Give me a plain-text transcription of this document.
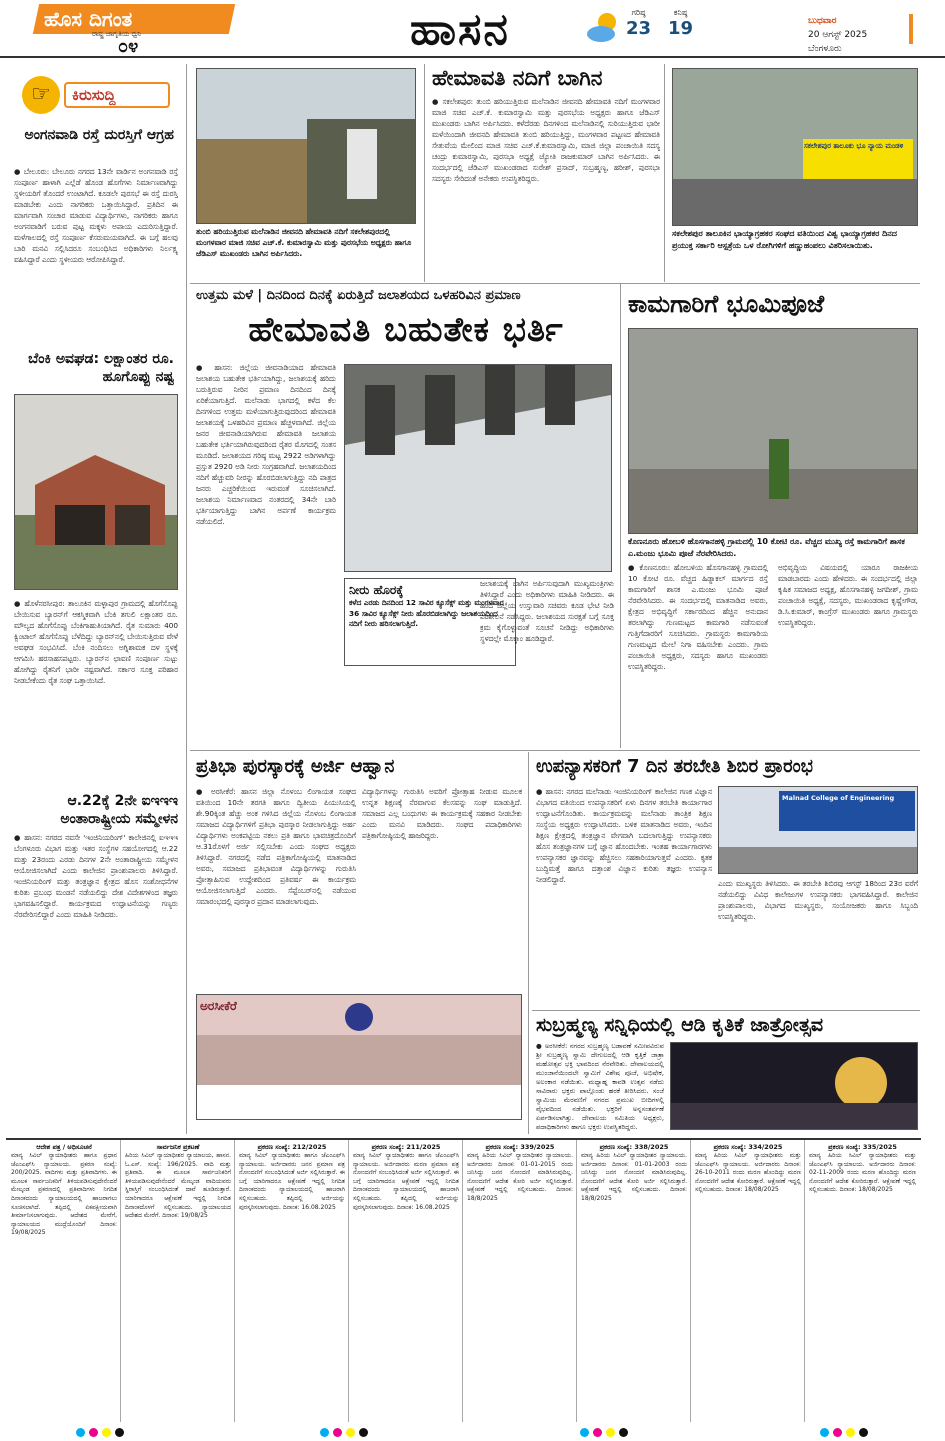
ಹೊಸ ದಿಗಂತ
ರಾಷ್ಟ್ರ ಜಾಗೃತಿಯ ಧ್ವನಿ
೦೪	ಹಾಸನ	ಗರಿಷ್ಠ
23
ಕನಿಷ್ಠ
19	ಬುಧವಾರ
20 ಆಗಸ್ಟ್ 2025
ಬೆಂಗಳೂರು
☞	ಕಿರುಸುದ್ದಿ
ಅಂಗನವಾಡಿ ರಸ್ತೆ ದುರಸ್ತಿಗೆ ಆಗ್ರಹ
● ಬೇಲೂರು: ಬೇಲೂರು ನಗರದ 13ನೇ ವಾರ್ಡಿನ ಅಂಗನವಾಡಿ ರಸ್ತೆ ಸಂಪೂರ್ಣ ಹಾಳಾಗಿ ಎಲ್ಲೆಡೆ ಹೊಂಡ ಹೊಗೆಗಳು ನಿರ್ಮಾಣವಾಗಿದ್ದು ಸ್ಥಳೀಯರಿಗೆ ತೊಂದರೆ ಉಂಟಾಗಿದೆ. ಕೂಡಲೇ ಪುರಸಭೆ ಈ ರಸ್ತೆ ದುರಸ್ತಿ ಮಾಡಬೇಕು ಎಂದು ನಾಗರಿಕರು ಒತ್ತಾಯಿಸಿದ್ದಾರೆ. ಪ್ರತಿದಿನ ಈ ಮಾರ್ಗವಾಗಿ ಸಂಚಾರ ಮಾಡುವ ವಿದ್ಯಾರ್ಥಿಗಳು, ನಾಗರಿಕರು ಹಾಗೂ ಅಂಗನವಾಡಿಗೆ ಬರುವ ಪುಟ್ಟ ಮಕ್ಕಳು ಅಪಾಯ ಎದುರಿಸುತ್ತಿದ್ದಾರೆ. ಮಳೆಗಾಲದಲ್ಲಿ ರಸ್ತೆ ಸಂಪೂರ್ಣ ಕೆಸರುಮಯವಾಗಿದೆ. ಈ ಬಗ್ಗೆ ಹಲವು ಬಾರಿ ಮನವಿ ಸಲ್ಲಿಸಿದರೂ ಸಂಬಂಧಿಸಿದ ಅಧಿಕಾರಿಗಳು ನಿರ್ಲಕ್ಷ್ಯ ವಹಿಸಿದ್ದಾರೆ ಎಂದು ಸ್ಥಳೀಯರು ಆರೋಪಿಸಿದ್ದಾರೆ.
ಬೆಂಕಿ ಅವಘಡ: ಲಕ್ಷಾಂತರ ರೂ. ಹೂಗೊಪ್ಪು ನಷ್ಟ
● ಹೊಳೆನರಸೀಪುರ: ತಾಲೂಕಿನ ಮಳ್ಳಾಪುರ ಗ್ರಾಮದಲ್ಲಿ ಹೊಗೆಸೊಪ್ಪು ಬೇಯಿಸುವ ಬ್ಯಾರನ್‌ಗೆ ಆಕಸ್ಮಿಕವಾಗಿ ಬೆಂಕಿ ತಗುಲಿ ಲಕ್ಷಾಂತರ ರೂ. ಮೌಲ್ಯದ ಹೊಗೆಸೊಪ್ಪು ಬೆಂಕಿಗಾಹುತಿಯಾಗಿದೆ. ರೈತ ಸುಮಾರು 400 ಕ್ವಿಂಟಾಲ್ ಹೊಗೆಸೊಪ್ಪು ಬೆಳೆದಿದ್ದು ಬ್ಯಾರನ್‌ನಲ್ಲಿ ಬೇಯಿಸುತ್ತಿರುವ ವೇಳೆ ಅವಘಡ ಸಂಭವಿಸಿದೆ. ಬೆಂಕಿ ನಂದಿಸಲು ಅಗ್ನಿಶಾಮಕ ದಳ ಸ್ಥಳಕ್ಕೆ ಆಗಮಿಸಿ ಹರಸಾಹಸಪಟ್ಟರು. ಬ್ಯಾರನ್‌ನ ಛಾವಣಿ ಸಂಪೂರ್ಣ ಸುಟ್ಟು ಹೋಗಿದ್ದು ರೈತನಿಗೆ ಭಾರೀ ನಷ್ಟವಾಗಿದೆ. ಸರ್ಕಾರ ಸೂಕ್ತ ಪರಿಹಾರ ನೀಡಬೇಕೆಂದು ರೈತ ಸಂಘ ಒತ್ತಾಯಿಸಿದೆ.
ಆ.22ಕ್ಕೆ 2ನೇ ಐಇಇಇ ಅಂತಾರಾಷ್ಟ್ರೀಯ ಸಮ್ಮೇಳನ
● ಹಾಸನ: ನಗರದ ನವಸೇ 'ಇಂಜಿನಿಯರಿಂಗ್' ಕಾಲೇಜಿನಲ್ಲಿ ಐಇಇಇ ಬೆಂಗಳೂರು ವಿಭಾಗ ಮತ್ತು ಇತರ ಸಂಸ್ಥೆಗಳ ಸಹಯೋಗದಲ್ಲಿ ಆ.22 ಮತ್ತು 23ರಂದು ಎರಡು ದಿನಗಳ 2ನೇ ಅಂತಾರಾಷ್ಟ್ರೀಯ ಸಮ್ಮೇಳನ ಆಯೋಜಿಸಲಾಗಿದೆ ಎಂದು ಕಾಲೇಜಿನ ಪ್ರಾಂಶುಪಾಲರು ತಿಳಿಸಿದ್ದಾರೆ. ಇಂಜಿನಿಯರಿಂಗ್ ಮತ್ತು ತಂತ್ರಜ್ಞಾನ ಕ್ಷೇತ್ರದ ಹೊಸ ಸಂಶೋಧನೆಗಳ ಕುರಿತು ಪ್ರಬಂಧ ಮಂಡನೆ ನಡೆಯಲಿದ್ದು ದೇಶ ವಿದೇಶಗಳಿಂದ ತಜ್ಞರು ಭಾಗವಹಿಸಲಿದ್ದಾರೆ. ಕಾರ್ಯಕ್ರಮದ ಉದ್ಘಾಟನೆಯನ್ನು ಗಣ್ಯರು ನೆರವೇರಿಸಲಿದ್ದಾರೆ ಎಂದು ಮಾಹಿತಿ ನೀಡಿದರು.
ತುಂಬಿ ಹರಿಯುತ್ತಿರುವ ಮಲೆನಾಡಿನ ಜೀವನದಿ ಹೇಮಾವತಿ ನದಿಗೆ ಸಕಲೇಶಪುರದಲ್ಲಿ ಮಂಗಳವಾರ ಮಾಜಿ ಸಚಿವ ಎಚ್.ಕೆ. ಕುಮಾರಸ್ವಾಮಿ ಮತ್ತು ಪುರಸಭೆಯ ಅಧ್ಯಕ್ಷರು ಹಾಗೂ ಜೆಡಿಎಸ್ ಮುಖಂಡರು ಬಾಗಿನ ಅರ್ಪಿಸಿದರು.
ಹೇಮಾವತಿ ನದಿಗೆ ಬಾಗಿನ
● ಸಕಲೇಶಪುರ: ತುಂಬಿ ಹರಿಯುತ್ತಿರುವ ಮಲೆನಾಡಿನ ಜೀವನದಿ ಹೇಮಾವತಿ ನದಿಗೆ ಮಂಗಳವಾರ ಮಾಜಿ ಸಚಿವ ಎಚ್.ಕೆ. ಕುಮಾರಸ್ವಾಮಿ ಮತ್ತು ಪುರಸಭೆಯ ಅಧ್ಯಕ್ಷರು ಹಾಗೂ ಜೆಡಿಎಸ್ ಮುಖಂಡರು ಬಾಗಿನ ಅರ್ಪಿಸಿದರು. ಕಳೆದೆರಡು ದಿನಗಳಿಂದ ಮಲೆನಾಡಿನಲ್ಲಿ ಸುರಿಯುತ್ತಿರುವ ಭಾರೀ ಮಳೆಯಿಂದಾಗಿ ಜೀವನದಿ ಹೇಮಾವತಿ ತುಂಬಿ ಹರಿಯುತ್ತಿದ್ದು, ಮಂಗಳವಾರ ಪಟ್ಟಣದ ಹೇಮಾವತಿ ಸೇತುವೆಯ ಮೇಲಿಂದ ಮಾಜಿ ಸಚಿವ ಎಚ್.ಕೆ.ಕುಮಾರಸ್ವಾಮಿ, ಮಾಜಿ ಜಿಲ್ಲಾ ಪಂಚಾಯಿತಿ ಸದಸ್ಯ ಚಂದ್ರು ಕುಮಾರಸ್ವಾಮಿ, ಪುರಸಭಾ ಅಧ್ಯಕ್ಷೆ ಜ್ಯೋತಿ ರಾಜಕುಮಾರ್ ಬಾಗಿನ ಅರ್ಪಿಸಿದರು. ಈ ಸಂದರ್ಭದಲ್ಲಿ ಜೆಡಿಎಸ್ ಮುಖಂಡರಾದ ಸುರೇಶ್ ಪ್ರಸಾದ್, ಸುಬ್ರಹ್ಮಣ್ಯ, ಹರೀಶ್, ಪುರಸಭಾ ಸದಸ್ಯರು ಸೇರಿದಂತೆ ಅನೇಕರು ಉಪಸ್ಥಿತರಿದ್ದರು.
ಸಕಲೇಶಪುರ ತಾಲೂಕು ಭೂ ನ್ಯಾಯ ಮಂಡಳಿ
ಸಕಲೇಶಪುರ ತಾಲೂಕಿನ ಭಾಯ್ಯಾಗ್ರಹಕರ ಸಂಘದ ವತಿಯಿಂದ ವಿಶ್ವ ಭಾಯ್ಯಾಗ್ರಹಕರ ದಿನದ ಪ್ರಯುಕ್ತ ಸರ್ಕಾರಿ ಆಸ್ಪತ್ರೆಯ ಒಳ ರೋಗಿಗಳಿಗೆ ಹಣ್ಣುಹಂಪಲು ವಿತರಿಸಲಾಯಿತು.
ಉತ್ತಮ ಮಳೆ | ದಿನದಿಂದ ದಿನಕ್ಕೆ ಏರುತ್ತಿದೆ ಜಲಾಶಯದ ಒಳಹರಿವಿನ ಪ್ರಮಾಣ
ಹೇಮಾವತಿ ಬಹುತೇಕ ಭರ್ತಿ
● ಹಾಸನ: ಜಿಲ್ಲೆಯ ಜೀವನಾಡಿಯಾದ ಹೇಮಾವತಿ ಜಲಾಶಯ ಬಹುತೇಕ ಭರ್ತಿಯಾಗಿದ್ದು, ಜಲಾಶಯಕ್ಕೆ ಹರಿದು ಬರುತ್ತಿರುವ ನೀರಿನ ಪ್ರಮಾಣ ದಿನದಿಂದ ದಿನಕ್ಕೆ ಏರಿಕೆಯಾಗುತ್ತಿದೆ. ಮಲೆನಾಡು ಭಾಗದಲ್ಲಿ ಕಳೆದ ಕೆಲ ದಿನಗಳಿಂದ ಉತ್ತಮ ಮಳೆಯಾಗುತ್ತಿರುವುದರಿಂದ ಹೇಮಾವತಿ ಜಲಾಶಯಕ್ಕೆ ಒಳಹರಿವಿನ ಪ್ರಮಾಣ ಹೆಚ್ಚಳವಾಗಿದೆ. ಜಿಲ್ಲೆಯ ಜನರ ಜೀವನಾಡಿಯಾಗಿರುವ ಹೇಮಾವತಿ ಜಲಾಶಯ ಬಹುತೇಕ ಭರ್ತಿಯಾಗಿರುವುದರಿಂದ ರೈತರ ಮೊಗದಲ್ಲಿ ಸಂತಸ ಮೂಡಿದೆ. ಜಲಾಶಯದ ಗರಿಷ್ಠ ಮಟ್ಟ 2922 ಅಡಿಗಳಾಗಿದ್ದು ಪ್ರಸ್ತುತ 2920 ಅಡಿ ನೀರು ಸಂಗ್ರಹವಾಗಿದೆ. ಜಲಾಶಯದಿಂದ ನದಿಗೆ ಹೆಚ್ಚುವರಿ ನೀರನ್ನು ಹೊರಬಿಡಲಾಗುತ್ತಿದ್ದು ನದಿ ಪಾತ್ರದ ಜನರು ಎಚ್ಚರಿಕೆಯಿಂದ ಇರುವಂತೆ ಸೂಚಿಸಲಾಗಿದೆ. ಜಲಾಶಯ ನಿರ್ಮಾಣವಾದ ನಂತರದಲ್ಲಿ 34ನೇ ಬಾರಿ ಭರ್ತಿಯಾಗುತ್ತಿದ್ದು ಬಾಗಿನ ಅರ್ಪಣೆ ಕಾರ್ಯಕ್ರಮ ನಡೆಯಲಿದೆ.
ನೀರು ಹೊರಕ್ಕೆ
ಕಳೆದ ಎರಡು ದಿನದಿಂದ 12 ಸಾವಿರ ಕ್ಯೂಸೆಕ್ಸ್ ಮತ್ತು ಮಂಗಳವಾರ 36 ಸಾವಿರ ಕ್ಯೂಸೆಕ್ಸ್ ನೀರು ಹೊರಬಿಡಲಾಗಿದ್ದು ಜಲಾಶಯದಿಂದ ನದಿಗೆ ನೀರು ಹರಿಸಲಾಗುತ್ತಿದೆ.
ಜಲಾಶಯಕ್ಕೆ ಬಾಗಿನ ಅರ್ಪಿಸುವುದಾಗಿ ಮುಖ್ಯಮಂತ್ರಿಗಳು ತಿಳಿಸಿದ್ದಾರೆ ಎಂದು ಅಧಿಕಾರಿಗಳು ಮಾಹಿತಿ ನೀಡಿದರು. ಈ ಹಿಂದೆ ಜಿಲ್ಲೆಯ ಉಸ್ತುವಾರಿ ಸಚಿವರು ಕೂಡ ಭೇಟಿ ನೀಡಿ ಪರಿಶೀಲನೆ ನಡೆಸಿದ್ದರು. ಜಲಾಶಯದ ಸುರಕ್ಷತೆ ಬಗ್ಗೆ ಸೂಕ್ತ ಕ್ರಮ ಕೈಗೊಳ್ಳುವಂತೆ ಸೂಚನೆ ನೀಡಿದ್ದು ಅಧಿಕಾರಿಗಳು ಸ್ಥಳದಲ್ಲೇ ಮೊಕ್ಕಾಂ ಹೂಡಿದ್ದಾರೆ.
ಕಾಮಗಾರಿಗೆ ಭೂಮಿಪೂಜೆ
ಕೊಣನೂರು ಹೋಬಳಿ ಹೊಸಗಾನಹಳ್ಳಿ ಗ್ರಾಮದಲ್ಲಿ 10 ಕೋಟಿ ರೂ. ವೆಚ್ಚದ ಮುಖ್ಯ ರಸ್ತೆ ಕಾಮಗಾರಿಗೆ ಶಾಸಕ ಎ.ಮಂಜು ಭೂಮಿ ಪೂಜೆ ನೆರವೇರಿಸಿದರು.
● ಕೊಣನೂರು: ಹೋಬಳಿಯ ಹೊಸಗಾನಹಳ್ಳಿ ಗ್ರಾಮದಲ್ಲಿ 10 ಕೋಟಿ ರೂ. ವೆಚ್ಚದ ಹಿಡ್ನಾಕಲ್ ಮಾರ್ಗದ ರಸ್ತೆ ಕಾಮಗಾರಿಗೆ ಶಾಸಕ ಎ.ಮಂಜು ಭೂಮಿ ಪೂಜೆ ನೆರವೇರಿಸಿದರು. ಈ ಸಂದರ್ಭದಲ್ಲಿ ಮಾತನಾಡಿದ ಅವರು, ಕ್ಷೇತ್ರದ ಅಭಿವೃದ್ಧಿಗೆ ಸರ್ಕಾರದಿಂದ ಹೆಚ್ಚಿನ ಅನುದಾನ ತರಲಾಗಿದ್ದು ಗುಣಮಟ್ಟದ ಕಾಮಗಾರಿ ನಡೆಸುವಂತೆ ಗುತ್ತಿಗೆದಾರರಿಗೆ ಸೂಚಿಸಿದರು. ಗ್ರಾಮಸ್ಥರು ಕಾಮಗಾರಿಯ ಗುಣಮಟ್ಟದ ಮೇಲೆ ನಿಗಾ ವಹಿಸಬೇಕು ಎಂದರು. ಗ್ರಾಮ ಪಂಚಾಯಿತಿ ಅಧ್ಯಕ್ಷರು, ಸದಸ್ಯರು ಹಾಗೂ ಮುಖಂಡರು ಉಪಸ್ಥಿತರಿದ್ದರು.
ಅಭಿವೃದ್ಧಿಯ ವಿಷಯದಲ್ಲಿ ಯಾರೂ ರಾಜಕೀಯ ಮಾಡಬಾರದು ಎಂದು ಹೇಳಿದರು. ಈ ಸಂದರ್ಭದಲ್ಲಿ ಜಿಲ್ಲಾ ಕೃಷಿಕ ಸಮಾಜದ ಅಧ್ಯಕ್ಷ, ಹೊಸಗಾನಹಳ್ಳಿ ಜಗದೀಶ್, ಗ್ರಾಮ ಪಂಚಾಯಿತಿ ಅಧ್ಯಕ್ಷೆ, ಸದಸ್ಯರು, ಮುಖಂಡರಾದ ಕೃಷ್ಣೇಗೌಡ, ಡಿ.ಸಿ.ಕುಮಾರ್, ಕಾಂಗ್ರೆಸ್ ಮುಖಂಡರು ಹಾಗೂ ಗ್ರಾಮಸ್ಥರು ಉಪಸ್ಥಿತರಿದ್ದರು.
ಪ್ರತಿಭಾ ಪುರಸ್ಕಾರಕ್ಕೆ ಅರ್ಜಿ ಆಹ್ವಾನ
● ಅರಸೀಕೆರೆ: ಹಾಸನ ಜಿಲ್ಲಾ ನೊಳಂಬ ಲಿಂಗಾಯತ ಸಂಘದ ವತಿಯಿಂದ 10ನೇ ತರಗತಿ ಹಾಗೂ ದ್ವಿತೀಯ ಪಿಯುಸಿಯಲ್ಲಿ ಶೇ.90ಕ್ಕಿಂತ ಹೆಚ್ಚು ಅಂಕ ಗಳಿಸಿದ ಜಿಲ್ಲೆಯ ನೊಳಂಬ ಲಿಂಗಾಯತ ಸಮಾಜದ ವಿದ್ಯಾರ್ಥಿಗಳಿಗೆ ಪ್ರತಿಭಾ ಪುರಸ್ಕಾರ ನೀಡಲಾಗುತ್ತಿದ್ದು ಅರ್ಹ ವಿದ್ಯಾರ್ಥಿಗಳು ಅಂಕಪಟ್ಟಿಯ ನಕಲು ಪ್ರತಿ ಹಾಗೂ ಭಾವಚಿತ್ರದೊಂದಿಗೆ ಆ.31ರೊಳಗೆ ಅರ್ಜಿ ಸಲ್ಲಿಸಬೇಕು ಎಂದು ಸಂಘದ ಅಧ್ಯಕ್ಷರು ತಿಳಿಸಿದ್ದಾರೆ. ನಗರದಲ್ಲಿ ನಡೆದ ಪತ್ರಿಕಾಗೋಷ್ಠಿಯಲ್ಲಿ ಮಾತನಾಡಿದ ಅವರು, ಸಮಾಜದ ಪ್ರತಿಭಾವಂತ ವಿದ್ಯಾರ್ಥಿಗಳನ್ನು ಗುರುತಿಸಿ ಪ್ರೋತ್ಸಾಹಿಸುವ ಉದ್ದೇಶದಿಂದ ಪ್ರತಿವರ್ಷ ಈ ಕಾರ್ಯಕ್ರಮ ಆಯೋಜಿಸಲಾಗುತ್ತಿದೆ ಎಂದರು. ಸೆಪ್ಟೆಂಬರ್‌ನಲ್ಲಿ ನಡೆಯುವ ಸಮಾರಂಭದಲ್ಲಿ ಪುರಸ್ಕಾರ ಪ್ರದಾನ ಮಾಡಲಾಗುವುದು.
ವಿದ್ಯಾರ್ಥಿಗಳನ್ನು ಗುರುತಿಸಿ ಅವರಿಗೆ ಪ್ರೋತ್ಸಾಹ ನೀಡುವ ಮೂಲಕ ಉನ್ನತ ಶಿಕ್ಷಣಕ್ಕೆ ನೆರವಾಗುವ ಕೆಲಸವನ್ನು ಸಂಘ ಮಾಡುತ್ತಿದೆ. ಸಮಾಜದ ಎಲ್ಲ ಬಂಧುಗಳು ಈ ಕಾರ್ಯಕ್ರಮಕ್ಕೆ ಸಹಕಾರ ನೀಡಬೇಕು ಎಂದು ಮನವಿ ಮಾಡಿದರು. ಸಂಘದ ಪದಾಧಿಕಾರಿಗಳು ಪತ್ರಿಕಾಗೋಷ್ಠಿಯಲ್ಲಿ ಹಾಜರಿದ್ದರು.
ಅರಸೀಕೆರೆ
ಉಪನ್ಯಾಸಕರಿಗೆ 7 ದಿನ ತರಬೇತಿ ಶಿಬಿರ ಪ್ರಾರಂಭ
● ಹಾಸನ: ನಗರದ ಮಲೆನಾಡು ಇಂಜಿನಿಯರಿಂಗ್ ಕಾಲೇಜಿನ ಗಣಕ ವಿಜ್ಞಾನ ವಿಭಾಗದ ವತಿಯಿಂದ ಉಪನ್ಯಾಸಕರಿಗೆ ಏಳು ದಿನಗಳ ತರಬೇತಿ ಕಾರ್ಯಾಗಾರ ಉದ್ಘಾಟನೆಗೊಂಡಿತು. ಕಾರ್ಯಕ್ರಮವನ್ನು ಮಲೆನಾಡು ತಾಂತ್ರಿಕ ಶಿಕ್ಷಣ ಸಂಸ್ಥೆಯ ಅಧ್ಯಕ್ಷರು ಉದ್ಘಾಟಿಸಿದರು. ಬಳಿಕ ಮಾತನಾಡಿದ ಅವರು, ಇಂದಿನ ಶಿಕ್ಷಣ ಕ್ಷೇತ್ರದಲ್ಲಿ ತಂತ್ರಜ್ಞಾನ ವೇಗವಾಗಿ ಬದಲಾಗುತ್ತಿದ್ದು ಉಪನ್ಯಾಸಕರು ಹೊಸ ತಂತ್ರಜ್ಞಾನಗಳ ಬಗ್ಗೆ ಜ್ಞಾನ ಹೊಂದಬೇಕು. ಇಂತಹ ಕಾರ್ಯಾಗಾರಗಳು ಉಪನ್ಯಾಸಕರ ಜ್ಞಾನವನ್ನು ಹೆಚ್ಚಿಸಲು ಸಹಕಾರಿಯಾಗುತ್ತವೆ ಎಂದರು. ಕೃತಕ ಬುದ್ಧಿಮತ್ತೆ ಹಾಗೂ ದತ್ತಾಂಶ ವಿಜ್ಞಾನ ಕುರಿತು ತಜ್ಞರು ಉಪನ್ಯಾಸ ನೀಡಲಿದ್ದಾರೆ.
Malnad College of Engineering
ಎಂದು ಮುಖ್ಯಸ್ಥರು ತಿಳಿಸಿದರು. ಈ ತರಬೇತಿ ಶಿಬಿರವು ಆಗಸ್ಟ್ 18ರಿಂದ 23ರ ವರೆಗೆ ನಡೆಯಲಿದ್ದು ವಿವಿಧ ಕಾಲೇಜುಗಳ ಉಪನ್ಯಾಸಕರು ಭಾಗವಹಿಸಿದ್ದಾರೆ. ಕಾಲೇಜಿನ ಪ್ರಾಂಶುಪಾಲರು, ವಿಭಾಗದ ಮುಖ್ಯಸ್ಥರು, ಸಂಯೋಜಕರು ಹಾಗೂ ಸಿಬ್ಬಂದಿ ಉಪಸ್ಥಿತರಿದ್ದರು.
ಸುಬ್ರಹ್ಮಣ್ಯ ಸನ್ನಿಧಿಯಲ್ಲಿ ಆಡಿ ಕೃತಿಕೆ ಜಾತ್ರೋತ್ಸವ
● ಅರಸೀಕೆರೆ: ನಗರದ ಸುಬ್ರಹ್ಮಣ್ಯ ಬಡಾವಣೆ ಸಮೀಪವಿರುವ ಶ್ರೀ ಸುಬ್ರಹ್ಮಣ್ಯ ಸ್ವಾಮಿ ದೇಗುಲದಲ್ಲಿ ಆಡಿ ಕೃತ್ತಿಕೆ ಜಾತ್ರಾ ಮಹೋತ್ಸವ ಭಕ್ತಿ ಭಾವದಿಂದ ನೆರವೇರಿತು. ದೇವಾಲಯದಲ್ಲಿ ಮುಂಜಾನೆಯಿಂದಲೇ ಸ್ವಾಮಿಗೆ ವಿಶೇಷ ಪೂಜೆ, ಅಭಿಷೇಕ, ಅಲಂಕಾರ ನಡೆಯಿತು. ಮಧ್ಯಾಹ್ನ ಕಾವಡಿ ಉತ್ಸವ ನಡೆದು ಸಾವಿರಾರು ಭಕ್ತರು ಪಾಲ್ಗೊಂಡು ಹರಕೆ ತೀರಿಸಿದರು. ಸಂಜೆ ಸ್ವಾಮಿಯ ಮೆರವಣಿಗೆ ನಗರದ ಪ್ರಮುಖ ಬೀದಿಗಳಲ್ಲಿ ವೈಭವದಿಂದ ನಡೆಯಿತು. ಭಕ್ತರಿಗೆ ಅನ್ನಸಂತರ್ಪಣೆ ಏರ್ಪಡಿಸಲಾಗಿತ್ತು. ದೇವಾಲಯ ಸಮಿತಿಯ ಅಧ್ಯಕ್ಷರು, ಪದಾಧಿಕಾರಿಗಳು ಹಾಗೂ ಭಕ್ತರು ಉಪಸ್ಥಿತರಿದ್ದರು.
ಆದೇಶ ಪತ್ರ / ಅಧಿಸೂಚನೆ
ಮಾನ್ಯ ಸಿವಿಲ್ ನ್ಯಾಯಾಧೀಶರು ಹಾಗೂ ಪ್ರಧಾನ ಜೆಎಂಎಫ್‌ಸಿ ನ್ಯಾಯಾಲಯ. ಪ್ರಕರಣ ಸಂಖ್ಯೆ: 200/2025. ವಾದಿಗಳು ಮತ್ತು ಪ್ರತಿವಾದಿಗಳು. ಈ ಮೂಲಕ ಸಾರ್ವಜನಿಕರಿಗೆ ತಿಳಿಯಪಡಿಸುವುದೇನೆಂದರೆ ಮೇಲ್ಕಂಡ ಪ್ರಕರಣದಲ್ಲಿ ಪ್ರತಿವಾದಿಗಳು ನಿಗದಿತ ದಿನಾಂಕದಂದು ನ್ಯಾಯಾಲಯದಲ್ಲಿ ಹಾಜರಾಗಲು ಸೂಚಿಸಲಾಗಿದೆ. ತಪ್ಪಿದಲ್ಲಿ ಏಕಪಕ್ಷೀಯವಾಗಿ ತೀರ್ಮಾನಿಸಲಾಗುವುದು. ಆದೇಶದ ಮೇರೆಗೆ, ನ್ಯಾಯಾಲಯದ ಮುದ್ರೆಯೊಂದಿಗೆ ದಿನಾಂಕ: 19/08/2025
ಸಾರ್ವಜನಿಕ ಪ್ರಕಟಣೆ
ಹಿರಿಯ ಸಿವಿಲ್ ನ್ಯಾಯಾಧೀಶರ ನ್ಯಾಯಾಲಯ, ಹಾಸನ. ಓ.ಎಸ್. ಸಂಖ್ಯೆ: 196/2025. ವಾದಿ ಮತ್ತು ಪ್ರತಿವಾದಿ. ಈ ಮೂಲಕ ಸಾರ್ವಜನಿಕರಿಗೆ ತಿಳಿಯಪಡಿಸುವುದೇನೆಂದರೆ ಮೇಲ್ಕಂಡ ವಾದಿಯವರು ಸ್ಥಿರಾಸ್ತಿಗೆ ಸಂಬಂಧಿಸಿದಂತೆ ದಾವೆ ಹೂಡಿರುತ್ತಾರೆ. ಯಾರಿಗಾದರೂ ಆಕ್ಷೇಪಣೆ ಇದ್ದಲ್ಲಿ ನಿಗದಿತ ದಿನಾಂಕದೊಳಗೆ ಸಲ್ಲಿಸಬಹುದು. ನ್ಯಾಯಾಲಯದ ಆದೇಶದ ಮೇರೆಗೆ. ದಿನಾಂಕ: 19/08/25
ಪ್ರಕರಣ ಸಂಖ್ಯೆ: 212/2025
ಮಾನ್ಯ ಸಿವಿಲ್ ನ್ಯಾಯಾಧೀಶರು ಹಾಗೂ ಜೆಎಂಎಫ್‌ಸಿ ನ್ಯಾಯಾಲಯ. ಅರ್ಜಿದಾರರು ಜನನ ಪ್ರಮಾಣ ಪತ್ರ ನೋಂದಣಿಗೆ ಸಂಬಂಧಿಸಿದಂತೆ ಅರ್ಜಿ ಸಲ್ಲಿಸಿರುತ್ತಾರೆ. ಈ ಬಗ್ಗೆ ಯಾರಿಗಾದರೂ ಆಕ್ಷೇಪಣೆ ಇದ್ದಲ್ಲಿ ನಿಗದಿತ ದಿನಾಂಕದಂದು ನ್ಯಾಯಾಲಯದಲ್ಲಿ ಹಾಜರಾಗಿ ಸಲ್ಲಿಸಬಹುದು. ತಪ್ಪಿದಲ್ಲಿ ಅರ್ಜಿಯನ್ನು ಪುರಸ್ಕರಿಸಲಾಗುವುದು. ದಿನಾಂಕ: 16.08.2025
ಪ್ರಕರಣ ಸಂಖ್ಯೆ: 211/2025
ಮಾನ್ಯ ಸಿವಿಲ್ ನ್ಯಾಯಾಧೀಶರು ಹಾಗೂ ಜೆಎಂಎಫ್‌ಸಿ ನ್ಯಾಯಾಲಯ. ಅರ್ಜಿದಾರರು ಮರಣ ಪ್ರಮಾಣ ಪತ್ರ ನೋಂದಣಿಗೆ ಸಂಬಂಧಿಸಿದಂತೆ ಅರ್ಜಿ ಸಲ್ಲಿಸಿರುತ್ತಾರೆ. ಈ ಬಗ್ಗೆ ಯಾರಿಗಾದರೂ ಆಕ್ಷೇಪಣೆ ಇದ್ದಲ್ಲಿ ನಿಗದಿತ ದಿನಾಂಕದಂದು ನ್ಯಾಯಾಲಯದಲ್ಲಿ ಹಾಜರಾಗಿ ಸಲ್ಲಿಸಬಹುದು. ತಪ್ಪಿದಲ್ಲಿ ಅರ್ಜಿಯನ್ನು ಪುರಸ್ಕರಿಸಲಾಗುವುದು. ದಿನಾಂಕ: 16.08.2025
ಪ್ರಕರಣ ಸಂಖ್ಯೆ: 339/2025
ಮಾನ್ಯ ಹಿರಿಯ ಸಿವಿಲ್ ನ್ಯಾಯಾಧೀಶರ ನ್ಯಾಯಾಲಯ. ಅರ್ಜಿದಾರರು ದಿನಾಂಕ: 01-01-2015 ರಂದು ಜನಿಸಿದ್ದು ಜನನ ನೋಂದಣಿ ಮಾಡಿಸಿರುವುದಿಲ್ಲ. ನೋಂದಣಿಗೆ ಆದೇಶ ಕೋರಿ ಅರ್ಜಿ ಸಲ್ಲಿಸಿರುತ್ತಾರೆ. ಆಕ್ಷೇಪಣೆ ಇದ್ದಲ್ಲಿ ಸಲ್ಲಿಸಬಹುದು. ದಿನಾಂಕ: 18/8/2025
ಪ್ರಕರಣ ಸಂಖ್ಯೆ: 338/2025
ಮಾನ್ಯ ಹಿರಿಯ ಸಿವಿಲ್ ನ್ಯಾಯಾಧೀಶರ ನ್ಯಾಯಾಲಯ. ಅರ್ಜಿದಾರರು ದಿನಾಂಕ: 01-01-2003 ರಂದು ಜನಿಸಿದ್ದು ಜನನ ನೋಂದಣಿ ಮಾಡಿಸಿರುವುದಿಲ್ಲ. ನೋಂದಣಿಗೆ ಆದೇಶ ಕೋರಿ ಅರ್ಜಿ ಸಲ್ಲಿಸಿರುತ್ತಾರೆ. ಆಕ್ಷೇಪಣೆ ಇದ್ದಲ್ಲಿ ಸಲ್ಲಿಸಬಹುದು. ದಿನಾಂಕ: 18/8/2025
ಪ್ರಕರಣ ಸಂಖ್ಯೆ: 334/2025
ಮಾನ್ಯ ಹಿರಿಯ ಸಿವಿಲ್ ನ್ಯಾಯಾಧೀಶರು ಮತ್ತು ಜೆಎಂಎಫ್‌ಸಿ ನ್ಯಾಯಾಲಯ. ಅರ್ಜಿದಾರರು ದಿನಾಂಕ: 26-10-2011 ರಂದು ಮರಣ ಹೊಂದಿದ್ದು ಮರಣ ನೋಂದಣಿಗೆ ಆದೇಶ ಕೋರಿರುತ್ತಾರೆ. ಆಕ್ಷೇಪಣೆ ಇದ್ದಲ್ಲಿ ಸಲ್ಲಿಸಬಹುದು. ದಿನಾಂಕ: 18/08/2025
ಪ್ರಕರಣ ಸಂಖ್ಯೆ: 335/2025
ಮಾನ್ಯ ಹಿರಿಯ ಸಿವಿಲ್ ನ್ಯಾಯಾಧೀಶರು ಮತ್ತು ಜೆಎಂಎಫ್‌ಸಿ ನ್ಯಾಯಾಲಯ. ಅರ್ಜಿದಾರರು ದಿನಾಂಕ: 02-11-2009 ರಂದು ಮರಣ ಹೊಂದಿದ್ದು ಮರಣ ನೋಂದಣಿಗೆ ಆದೇಶ ಕೋರಿರುತ್ತಾರೆ. ಆಕ್ಷೇಪಣೆ ಇದ್ದಲ್ಲಿ ಸಲ್ಲಿಸಬಹುದು. ದಿನಾಂಕ: 18/08/2025
